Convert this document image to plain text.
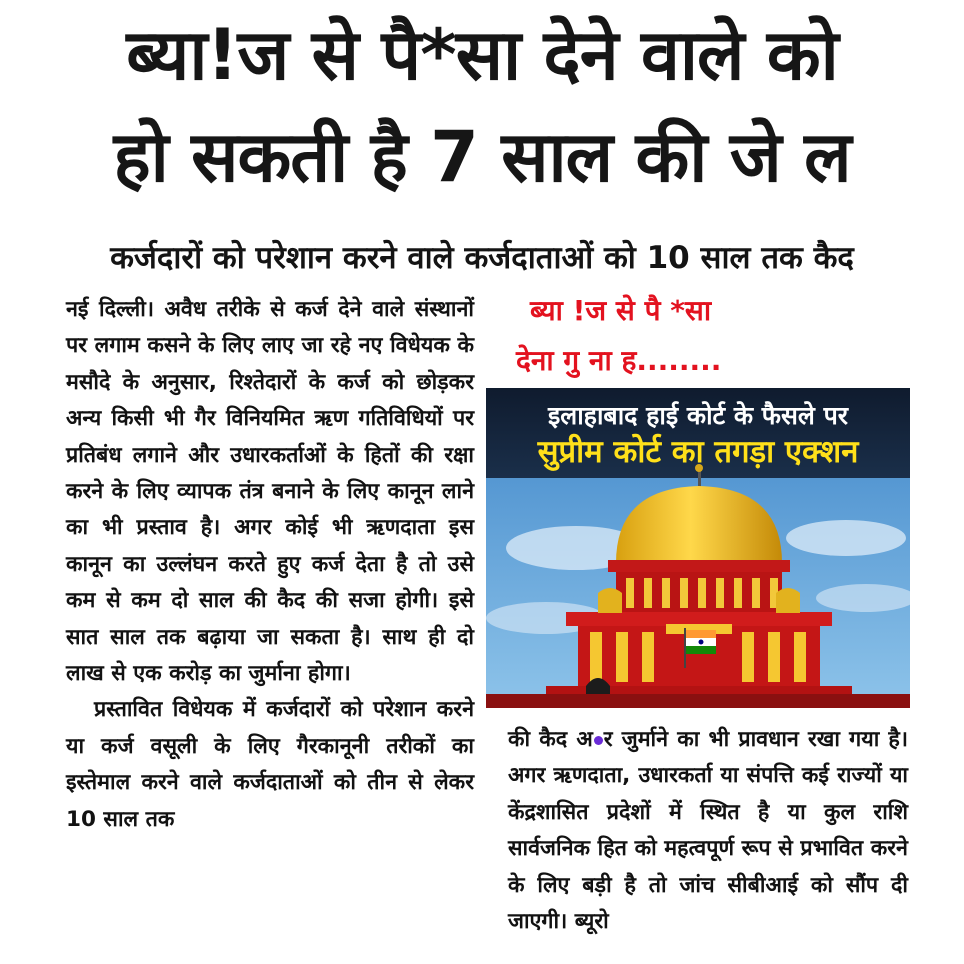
ब्या!ज से पै*सा देने वाले को
हो सकती है 7 साल की जे ल
कर्जदारों को परेशान करने वाले कर्जदाताओं को 10 साल तक कैद

नई दिल्ली। अवैध तरीके से कर्ज देने वाले संस्थानों पर लगाम कसने के लिए लाए जा रहे नए विधेयक के मसौदे के अनुसार, रिश्तेदारों के कर्ज को छोड़कर अन्य किसी भी गैर विनियमित ऋण गतिविधियों पर प्रतिबंध लगाने और उधारकर्ताओं के हितों की रक्षा करने के लिए व्यापक तंत्र बनाने के लिए कानून लाने का भी प्रस्ताव है। अगर कोई भी ऋणदाता इस कानून का उल्लंघन करते हुए कर्ज देता है तो उसे कम से कम दो साल की कैद की सजा होगी। इसे सात साल तक बढ़ाया जा सकता है। साथ ही दो लाख से एक करोड़ का जुर्माना होगा।

प्रस्तावित विधेयक में कर्जदारों को परेशान करने या कर्ज वसूली के लिए गैरकानूनी तरीकों का इस्तेमाल करने वाले कर्जदाताओं को तीन से लेकर 10 साल तक

ब्या !ज से पै *सा
देना गु ना ह........
इलाहाबाद हाई कोर्ट के फैसले पर
सुप्रीम कोर्ट का तगड़ा एक्शन

की कैद अ र जुर्माने का भी प्रावधान रखा गया है। अगर ऋणदाता, उधारकर्ता या संपत्ति कई राज्यों या केंद्रशासित प्रदेशों में स्थित है या कुल राशि सार्वजनिक हित को महत्वपूर्ण रूप से प्रभावित करने के लिए बड़ी है तो जांच सीबीआई को सौंप दी जाएगी। ब्यूरो
